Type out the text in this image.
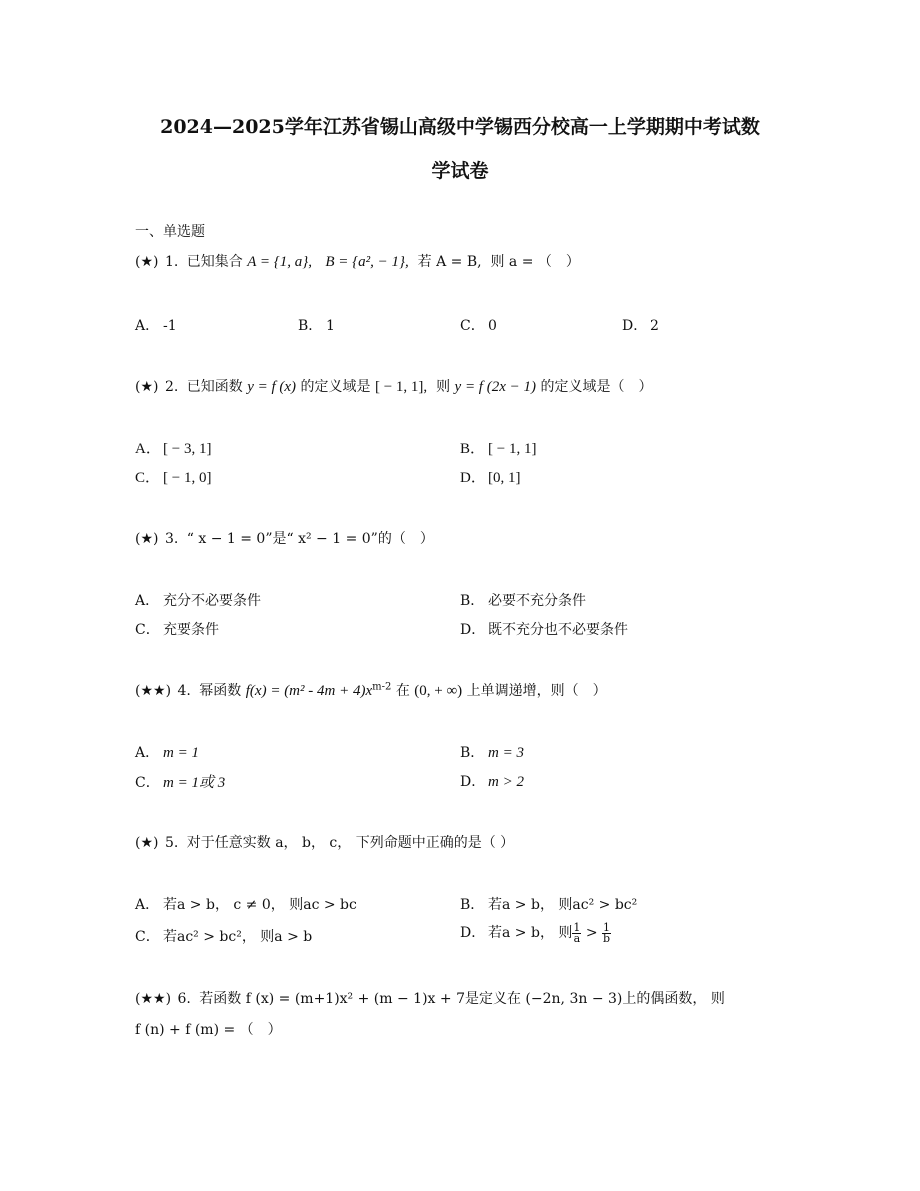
2024—2025学年江苏省锡山高级中学锡西分校高一上学期期中考试数
学试卷
一、单选题
(★) 1. 已知集合 A = {1, a}, B = {a², − 1}, 若 A = B, 则 a = （　）
A． -1	B． 1	C． 0	D． 2
(★) 2. 已知函数 y = f (x) 的定义域是 [ − 1, 1], 则 y = f (2x − 1) 的定义域是（　）
A． [ − 3, 1]	B． [ − 1, 1]
C． [ − 1, 0]	D． [0, 1]
(★) 3. “ x − 1 = 0”是“ x² − 1 = 0”的（　）
A． 充分不必要条件	B． 必要不充分条件
C． 充要条件	D． 既不充分也不必要条件
(★★) 4. 幂函数 $f(x) = (m^2 - 4m + 4)x^{m-2}$ 在 (0, + ∞) 上单调递增，则（　）
A． m = 1	B． m = 3
C． m = 1或 3	D． m > 2
(★) 5. 对于任意实数 a， b， c， 下列命题中正确的是（ ）
A． 若a > b， c ≠ 0， 则ac > bc	B． 若a > b， 则ac² > bc²
C． 若ac² > bc²， 则a > b	D． 若a > b， 则 $\frac{1}{a} > \frac{1}{b}$
(★★) 6. 若函数 f (x) = (m+1)x² + (m − 1)x + 7是定义在 (−2n, 3n − 3)上的偶函数， 则
f (n) + f (m) = （　）
